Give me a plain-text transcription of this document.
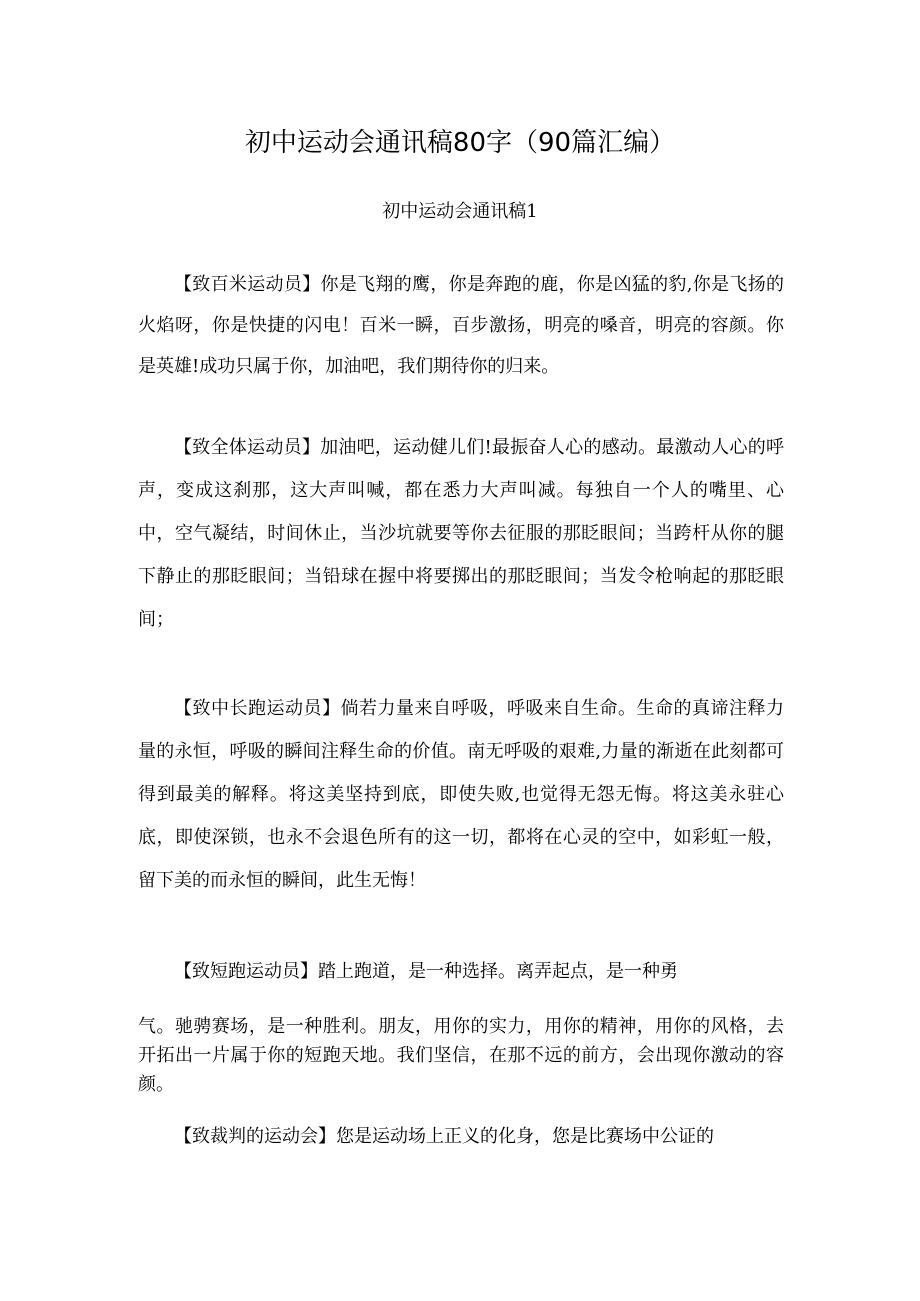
初中运动会通讯稿80字（90篇汇编）
初中运动会通讯稿1

【致百米运动员】你是飞翔的鹰，你是奔跑的鹿，你是凶猛的豹,你是飞扬的火焰呀，你是快捷的闪电！百米一瞬，百步激扬，明亮的嗓音，明亮的容颜。你是英雄!成功只属于你，加油吧，我们期待你的归来。

【致全体运动员】加油吧，运动健儿们!最振奋人心的感动。最激动人心的呼声，变成这刹那，这大声叫喊，都在悉力大声叫减。每独自一个人的嘴里、心中，空气凝结，时间休止，当沙坑就要等你去征服的那眨眼间；当跨杆从你的腿下静止的那眨眼间；当铅球在握中将要掷出的那眨眼间；当发令枪响起的那眨眼间；

【致中长跑运动员】倘若力量来自呼吸，呼吸来自生命。生命的真谛注释力量的永恒，呼吸的瞬间注释生命的价值。南无呼吸的艰难,力量的渐逝在此刻都可得到最美的解释。将这美坚持到底，即使失败,也觉得无怨无悔。将这美永驻心底，即使深锁，也永不会退色所有的这一切，都将在心灵的空中，如彩虹一般，留下美的而永恒的瞬间，此生无悔！

【致短跑运动员】踏上跑道，是一种选择。离弄起点，是一种勇

气。驰骋赛场，是一种胜利。朋友，用你的实力，用你的精神，用你的风格，去开拓出一片属于你的短跑天地。我们坚信，在那不远的前方，会出现你激动的容颜。

【致裁判的运动会】您是运动场上正义的化身，您是比赛场中公证的
